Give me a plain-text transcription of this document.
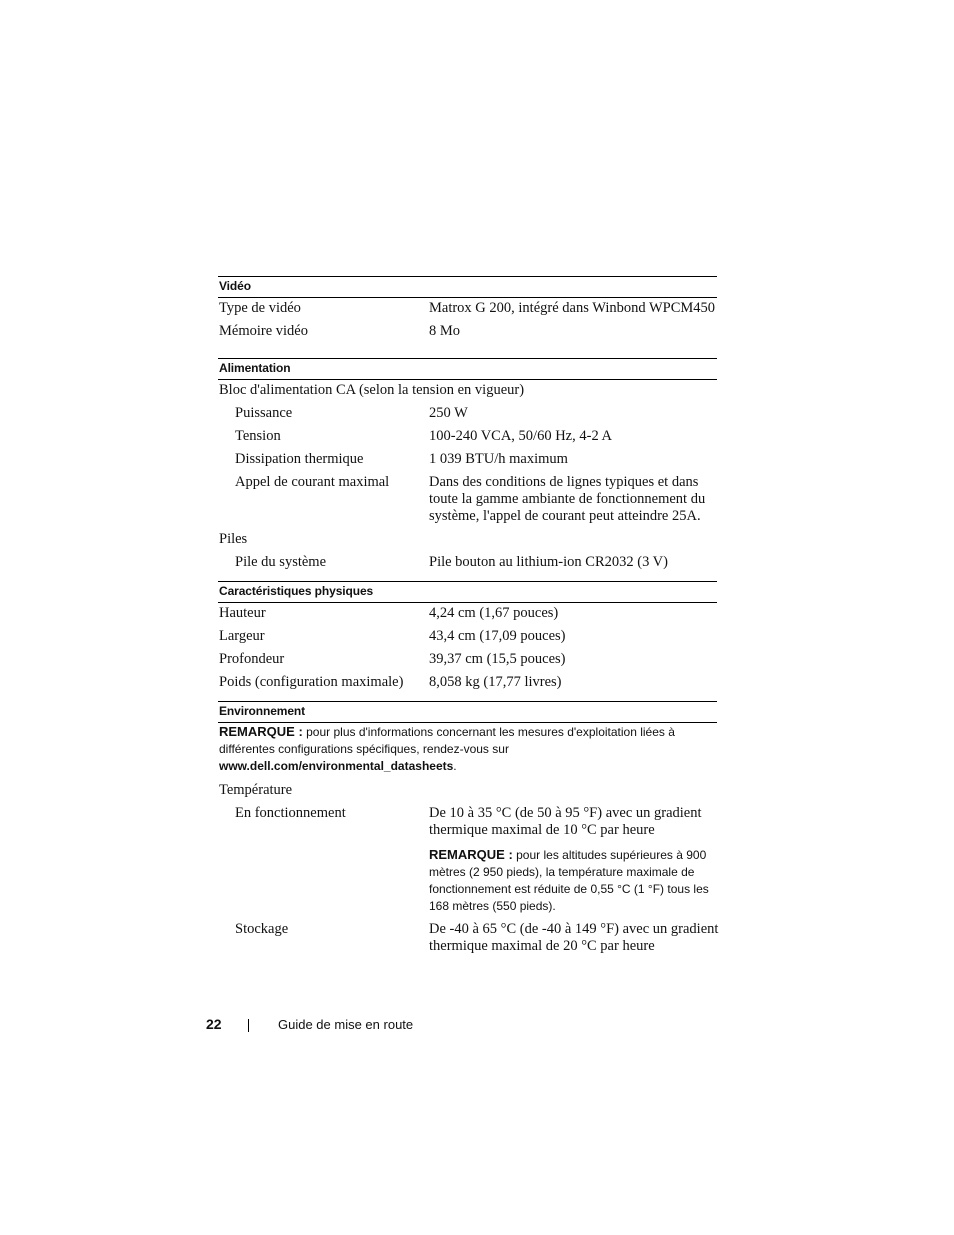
Vidéo
Type de vidéo	Matrox G 200, intégré dans Winbond WPCM450
Mémoire vidéo	8 Mo
Alimentation
Bloc d'alimentation CA (selon la tension en vigueur)
Puissance	250 W
Tension	100-240 VCA, 50/60 Hz, 4-2 A
Dissipation thermique	1 039 BTU/h maximum
Appel de courant maximal	Dans des conditions de lignes typiques et dans toute la gamme ambiante de fonctionnement du système, l'appel de courant peut atteindre 25A.
Piles
Pile du système	Pile bouton au lithium-ion CR2032 (3 V)
Caractéristiques physiques
Hauteur	4,24 cm (1,67 pouces)
Largeur	43,4 cm (17,09 pouces)
Profondeur	39,37 cm (15,5 pouces)
Poids (configuration maximale)	8,058 kg (17,77 livres)
Environnement
REMARQUE : pour plus d'informations concernant les mesures d'exploitation liées à différentes configurations spécifiques, rendez-vous sur
www.dell.com/environmental_datasheets.
Température
En fonctionnement	De 10 à 35 °C (de 50 à 95 °F) avec un gradient thermique maximal de 10 °C par heure
REMARQUE : pour les altitudes supérieures à 900 mètres (2 950 pieds), la température maximale de fonctionnement est réduite de 0,55 °C (1 °F) tous les 168 mètres (550 pieds).
Stockage	De -40 à 65 °C (de -40 à 149 °F) avec un gradient thermique maximal de 20 °C par heure
22	Guide de mise en route
